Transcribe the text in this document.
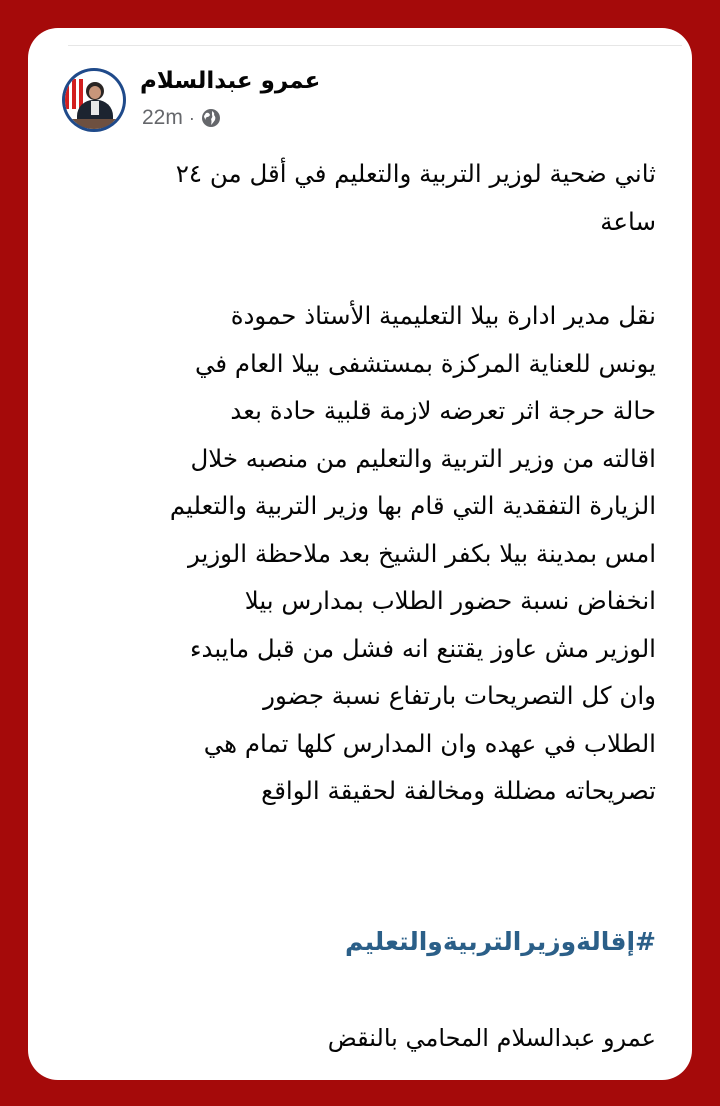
عمرو عبدالسلام
22m ·

ثاني ضحية لوزير التربية والتعليم في أقل من ٢٤
ساعة

نقل مدير ادارة بيلا التعليمية الأستاذ حمودة
يونس للعناية المركزة بمستشفى بيلا العام في
حالة حرجة اثر تعرضه لازمة قلبية حادة بعد
اقالته من وزير التربية والتعليم من منصبه خلال
الزيارة التفقدية التي قام بها وزير التربية والتعليم
امس بمدينة بيلا بكفر الشيخ بعد ملاحظة الوزير
انخفاض نسبة حضور الطلاب بمدارس بيلا
الوزير مش عاوز يقتنع انه فشل من قبل مايبدء
وان كل التصريحات بارتفاع نسبة جضور
الطلاب في عهده وان المدارس كلها تمام هي
تصريحاته مضللة ومخالفة لحقيقة الواقع

#إقالةوزيرالتربيةوالتعليم
عمرو عبدالسلام المحامي بالنقض
